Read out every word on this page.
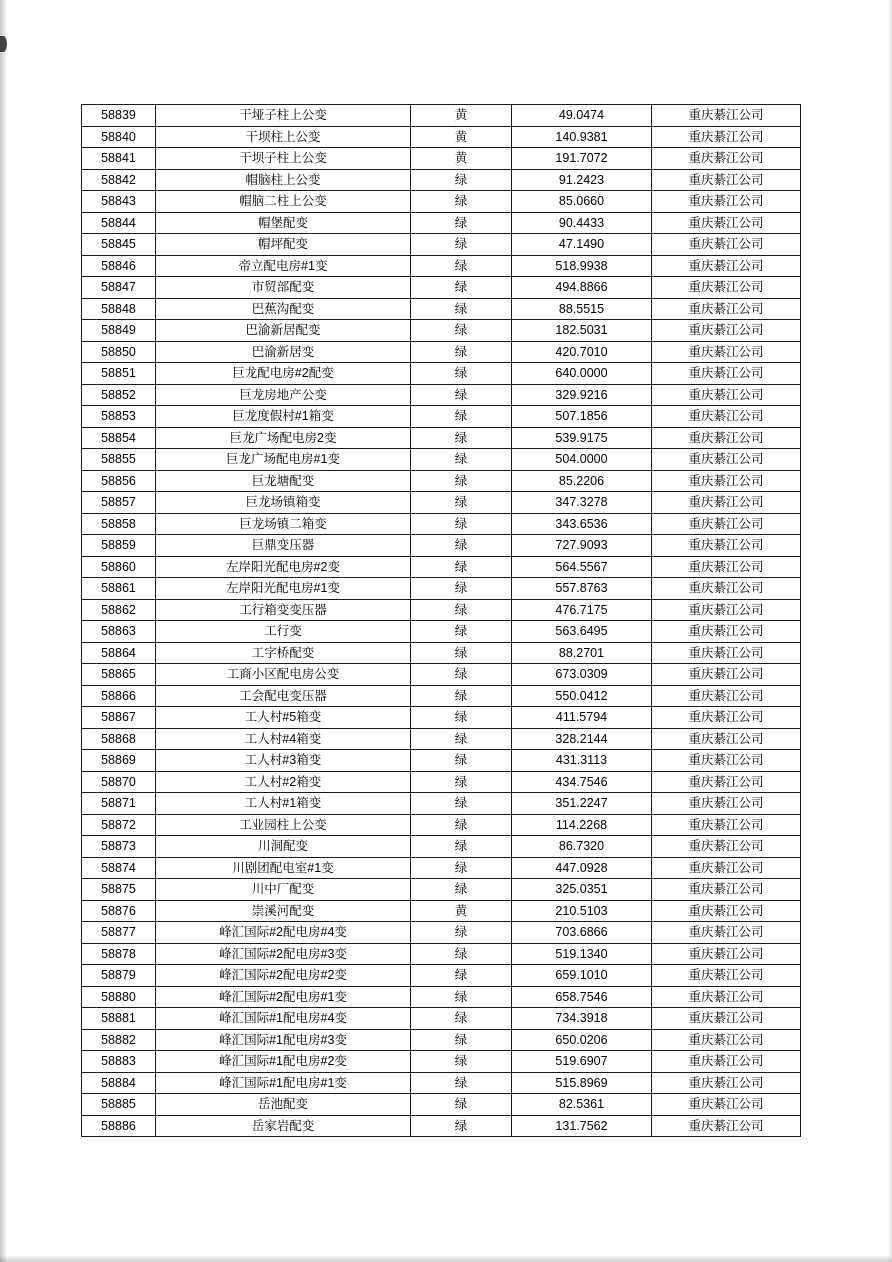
58839	干垭子柱上公变	黄	49.0474	重庆綦江公司
58840	干坝柱上公变	黄	140.9381	重庆綦江公司
58841	干坝子柱上公变	黄	191.7072	重庆綦江公司
58842	帽脑柱上公变	绿	91.2423	重庆綦江公司
58843	帽脑二柱上公变	绿	85.0660	重庆綦江公司
58844	帽堡配变	绿	90.4433	重庆綦江公司
58845	帽坪配变	绿	47.1490	重庆綦江公司
58846	帝立配电房#1变	绿	518.9938	重庆綦江公司
58847	市贸部配变	绿	494.8866	重庆綦江公司
58848	巴蕉沟配变	绿	88.5515	重庆綦江公司
58849	巴渝新居配变	绿	182.5031	重庆綦江公司
58850	巴渝新居变	绿	420.7010	重庆綦江公司
58851	巨龙配电房#2配变	绿	640.0000	重庆綦江公司
58852	巨龙房地产公变	绿	329.9216	重庆綦江公司
58853	巨龙度假村#1箱变	绿	507.1856	重庆綦江公司
58854	巨龙广场配电房2变	绿	539.9175	重庆綦江公司
58855	巨龙广场配电房#1变	绿	504.0000	重庆綦江公司
58856	巨龙塘配变	绿	85.2206	重庆綦江公司
58857	巨龙场镇箱变	绿	347.3278	重庆綦江公司
58858	巨龙场镇二箱变	绿	343.6536	重庆綦江公司
58859	巨鼎变压器	绿	727.9093	重庆綦江公司
58860	左岸阳光配电房#2变	绿	564.5567	重庆綦江公司
58861	左岸阳光配电房#1变	绿	557.8763	重庆綦江公司
58862	工行箱变变压器	绿	476.7175	重庆綦江公司
58863	工行变	绿	563.6495	重庆綦江公司
58864	工字桥配变	绿	88.2701	重庆綦江公司
58865	工商小区配电房公变	绿	673.0309	重庆綦江公司
58866	工会配电变压器	绿	550.0412	重庆綦江公司
58867	工人村#5箱变	绿	411.5794	重庆綦江公司
58868	工人村#4箱变	绿	328.2144	重庆綦江公司
58869	工人村#3箱变	绿	431.3113	重庆綦江公司
58870	工人村#2箱变	绿	434.7546	重庆綦江公司
58871	工人村#1箱变	绿	351.2247	重庆綦江公司
58872	工业园柱上公变	绿	114.2268	重庆綦江公司
58873	川洞配变	绿	86.7320	重庆綦江公司
58874	川剧团配电室#1变	绿	447.0928	重庆綦江公司
58875	川中厂配变	绿	325.0351	重庆綦江公司
58876	崇溪河配变	黄	210.5103	重庆綦江公司
58877	峰汇国际#2配电房#4变	绿	703.6866	重庆綦江公司
58878	峰汇国际#2配电房#3变	绿	519.1340	重庆綦江公司
58879	峰汇国际#2配电房#2变	绿	659.1010	重庆綦江公司
58880	峰汇国际#2配电房#1变	绿	658.7546	重庆綦江公司
58881	峰汇国际#1配电房#4变	绿	734.3918	重庆綦江公司
58882	峰汇国际#1配电房#3变	绿	650.0206	重庆綦江公司
58883	峰汇国际#1配电房#2变	绿	519.6907	重庆綦江公司
58884	峰汇国际#1配电房#1变	绿	515.8969	重庆綦江公司
58885	岳池配变	绿	82.5361	重庆綦江公司
58886	岳家岩配变	绿	131.7562	重庆綦江公司
